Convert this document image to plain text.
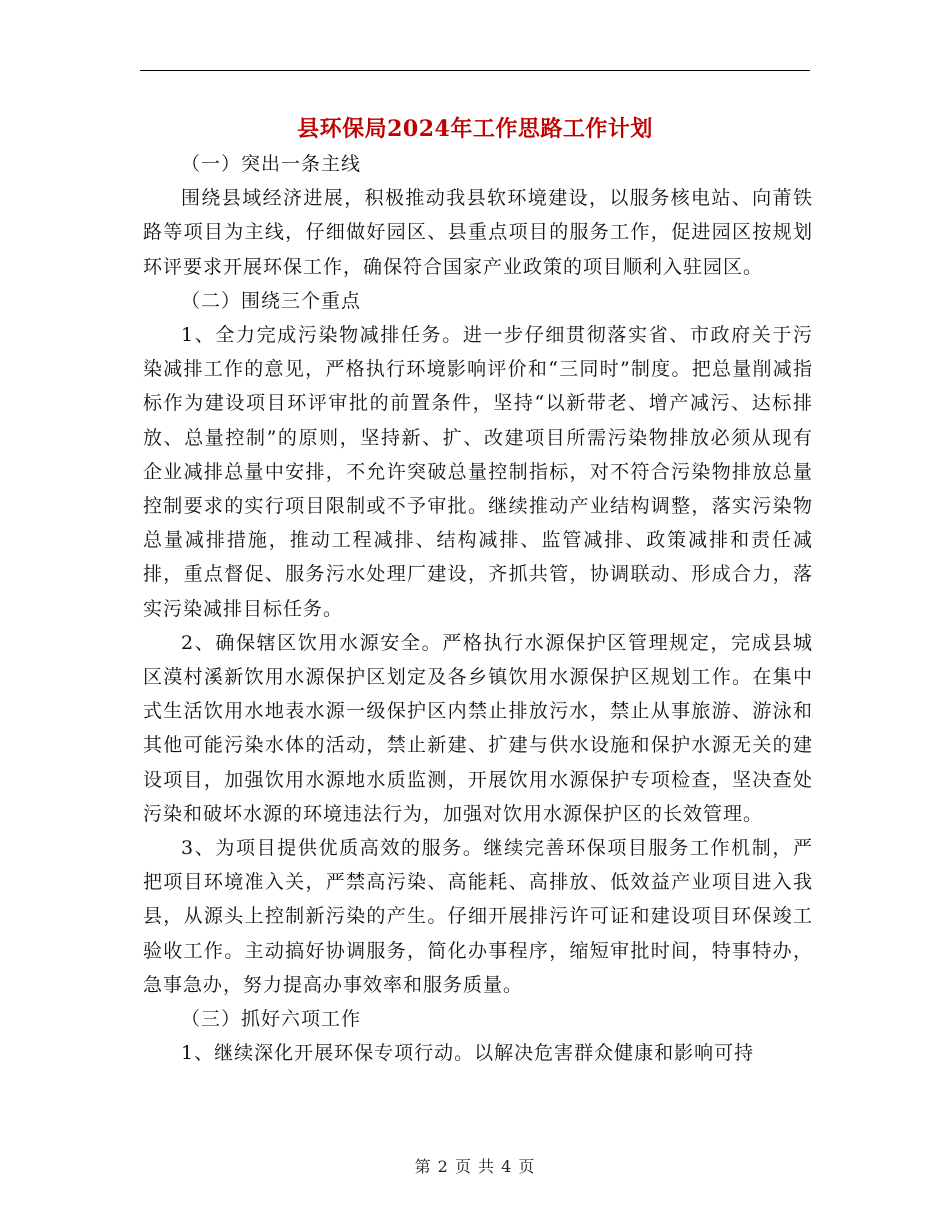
县环保局2024年工作思路工作计划

（一）突出一条主线

围绕县域经济进展，积极推动我县软环境建设，以服务核电站、向莆铁路等项目为主线，仔细做好园区、县重点项目的服务工作，促进园区按规划环评要求开展环保工作，确保符合国家产业政策的项目顺利入驻园区。

（二）围绕三个重点

1、全力完成污染物减排任务。进一步仔细贯彻落实省、市政府关于污染减排工作的意见，严格执行环境影响评价和“三同时”制度。把总量削减指标作为建设项目环评审批的前置条件，坚持“以新带老、增产减污、达标排放、总量控制”的原则，坚持新、扩、改建项目所需污染物排放必须从现有企业减排总量中安排，不允许突破总量控制指标，对不符合污染物排放总量控制要求的实行项目限制或不予审批。继续推动产业结构调整，落实污染物总量减排措施，推动工程减排、结构减排、监管减排、政策减排和责任减排，重点督促、服务污水处理厂建设，齐抓共管，协调联动、形成合力，落实污染减排目标任务。

2、确保辖区饮用水源安全。严格执行水源保护区管理规定，完成县城区漠村溪新饮用水源保护区划定及各乡镇饮用水源保护区规划工作。在集中式生活饮用水地表水源一级保护区内禁止排放污水，禁止从事旅游、游泳和其他可能污染水体的活动，禁止新建、扩建与供水设施和保护水源无关的建设项目，加强饮用水源地水质监测，开展饮用水源保护专项检查，坚决查处污染和破坏水源的环境违法行为，加强对饮用水源保护区的长效管理。

3、为项目提供优质高效的服务。继续完善环保项目服务工作机制，严把项目环境准入关，严禁高污染、高能耗、高排放、低效益产业项目进入我县，从源头上控制新污染的产生。仔细开展排污许可证和建设项目环保竣工验收工作。主动搞好协调服务，简化办事程序，缩短审批时间，特事特办，急事急办，努力提高办事效率和服务质量。

（三）抓好六项工作

1、继续深化开展环保专项行动。以解决危害群众健康和影响可持

第 2 页 共 4 页
